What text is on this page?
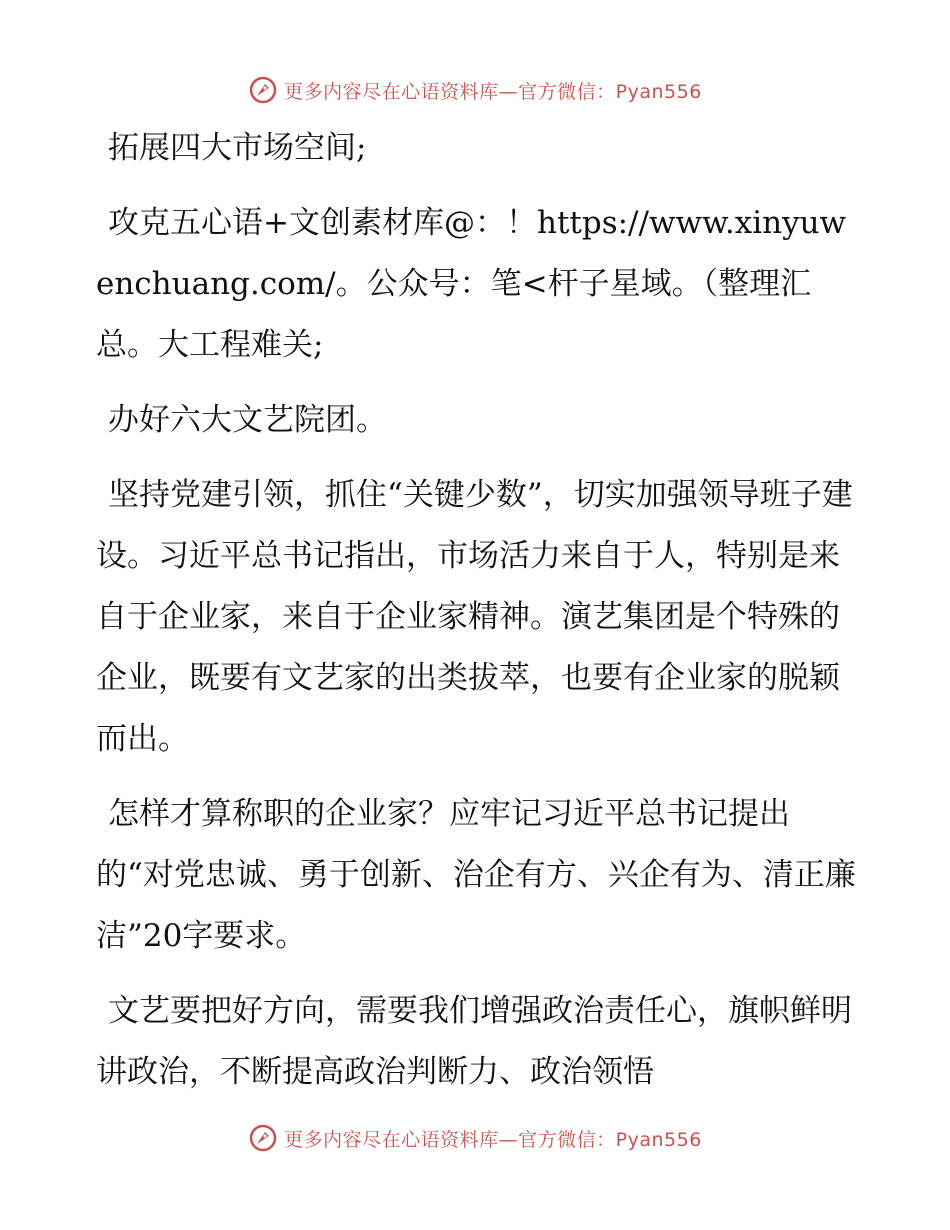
更多内容尽在心语资料库—官方微信：Pyan556

拓展四大市场空间;

攻克五心语+文创素材库@：！https://www.xinyuwenchuang.com/。公众号：笔<杆子星域。（整理汇总。大工程难关;

办好六大文艺院团。

坚持党建引领，抓住“关键少数”，切实加强领导班子建设。习近平总书记指出，市场活力来自于人，特别是来自于企业家，来自于企业家精神。演艺集团是个特殊的企业，既要有文艺家的出类拔萃，也要有企业家的脱颖而出。

怎样才算称职的企业家？应牢记习近平总书记提出的“对党忠诚、勇于创新、治企有方、兴企有为、清正廉洁”20字要求。

文艺要把好方向，需要我们增强政治责任心，旗帜鲜明讲政治，不断提高政治判断力、政治领悟

更多内容尽在心语资料库—官方微信：Pyan556
